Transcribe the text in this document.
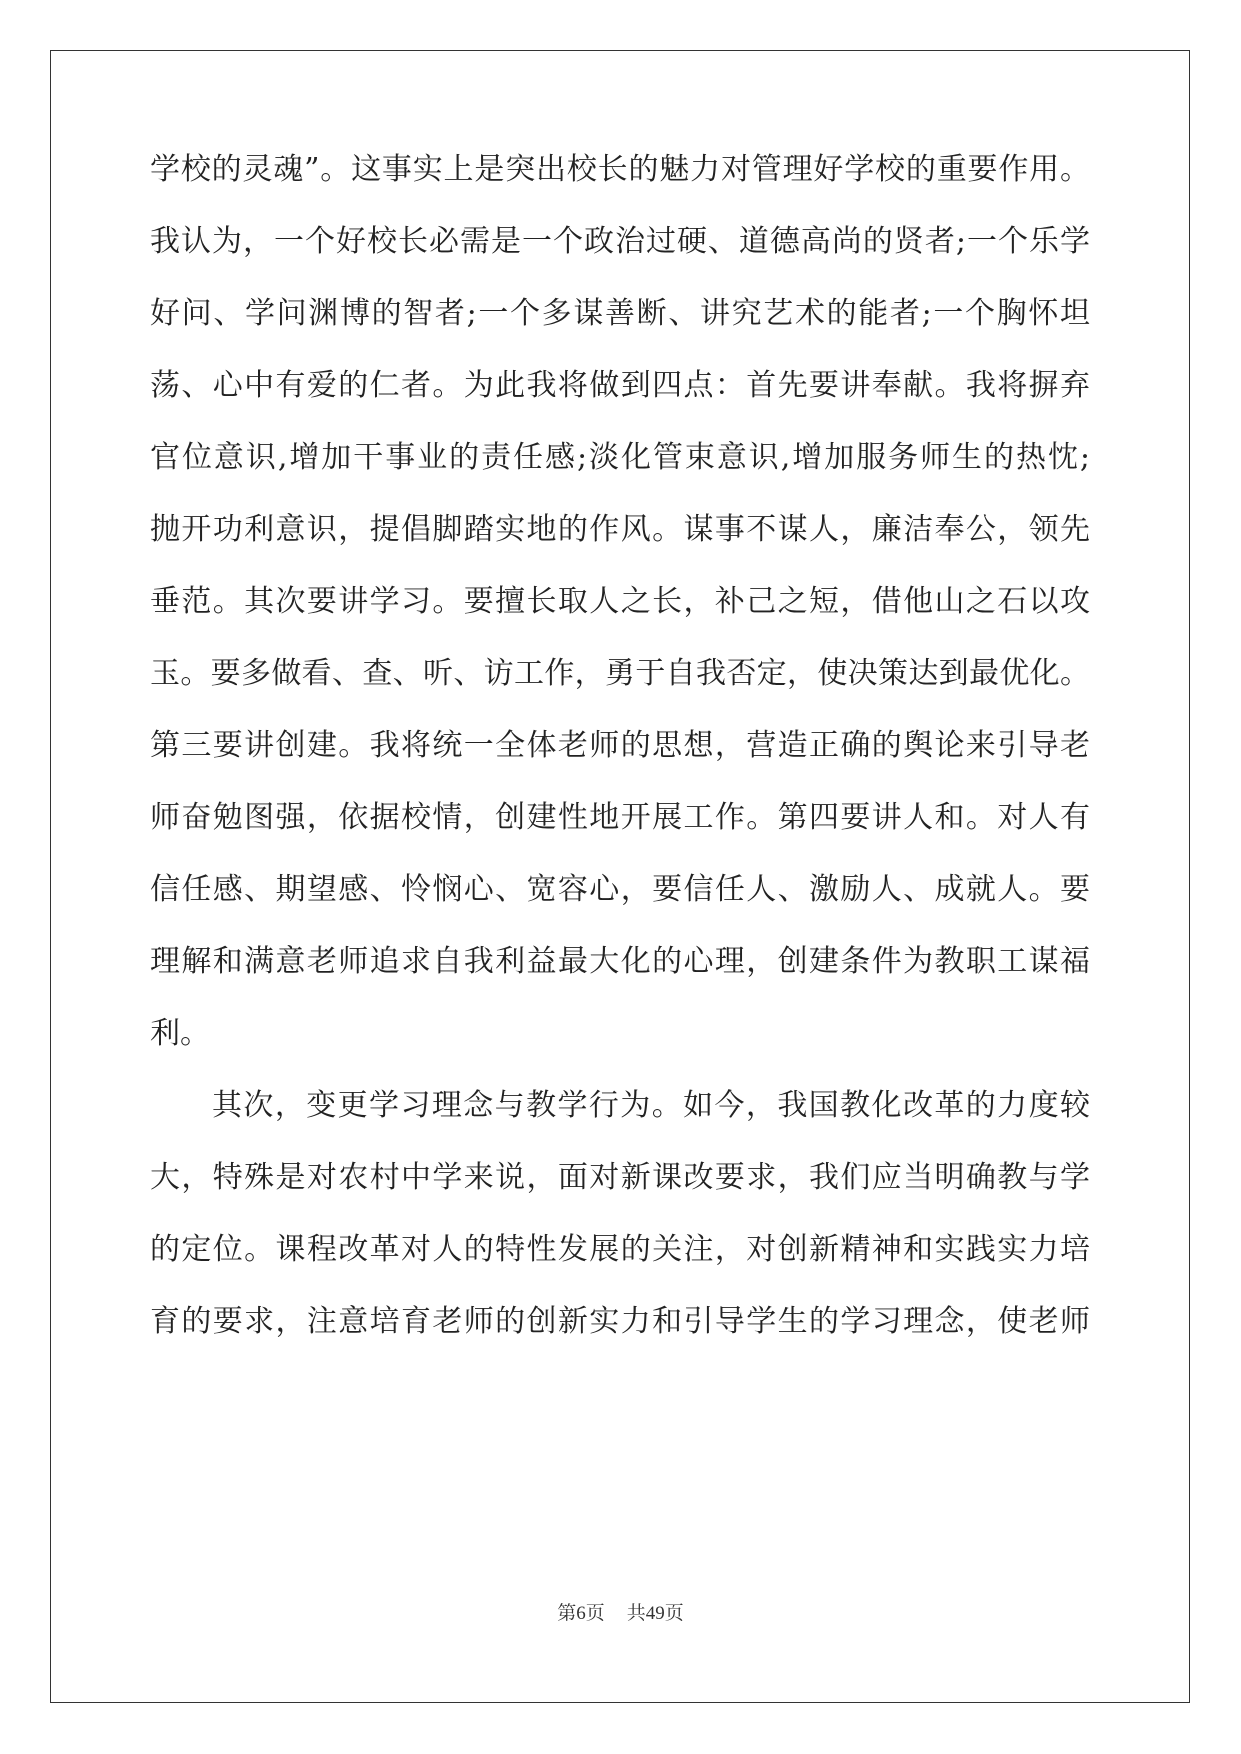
学校的灵魂”。这事实上是突出校长的魅力对管理好学校的重要作用。
我认为，一个好校长必需是一个政治过硬、道德高尚的贤者;一个乐学
好问、学问渊博的智者;一个多谋善断、讲究艺术的能者;一个胸怀坦
荡、心中有爱的仁者。为此我将做到四点：首先要讲奉献。我将摒弃
官位意识,增加干事业的责任感;淡化管束意识,增加服务师生的热忱;
抛开功利意识，提倡脚踏实地的作风。谋事不谋人，廉洁奉公，领先
垂范。其次要讲学习。要擅长取人之长，补己之短，借他山之石以攻
玉。要多做看、查、听、访工作，勇于自我否定，使决策达到最优化。
第三要讲创建。我将统一全体老师的思想，营造正确的舆论来引导老
师奋勉图强，依据校情，创建性地开展工作。第四要讲人和。对人有
信任感、期望感、怜悯心、宽容心，要信任人、激励人、成就人。要
理解和满意老师追求自我利益最大化的心理，创建条件为教职工谋福
利。
其次，变更学习理念与教学行为。如今，我国教化改革的力度较
大，特殊是对农村中学来说，面对新课改要求，我们应当明确教与学
的定位。课程改革对人的特性发展的关注，对创新精神和实践实力培
育的要求，注意培育老师的创新实力和引导学生的学习理念，使老师
第6页 共49页
